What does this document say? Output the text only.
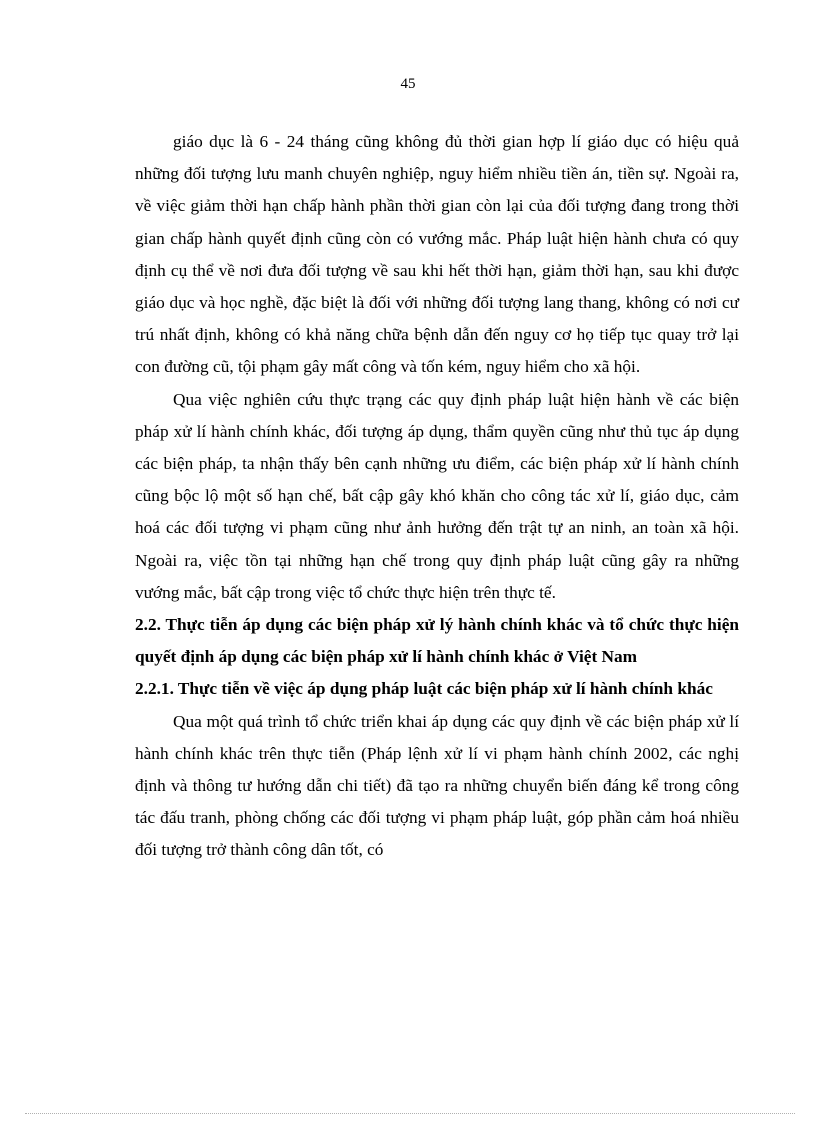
45

giáo dục là 6 - 24 tháng cũng không đủ thời gian hợp lí giáo dục có hiệu quả những đối tượng lưu manh chuyên nghiệp, nguy hiểm nhiều tiền án, tiền sự. Ngoài ra, về việc giảm thời hạn chấp hành phần thời gian còn lại của đối tượng đang trong thời gian chấp hành quyết định cũng còn có vướng mắc. Pháp luật hiện hành chưa có quy định cụ thể về nơi đưa đối tượng về sau khi hết thời hạn, giảm thời hạn, sau khi được giáo dục và học nghề, đặc biệt là đối với những đối tượng lang thang, không có nơi cư trú nhất định, không có khả năng chữa bệnh dẫn đến nguy cơ họ tiếp tục quay trở lại con đường cũ, tội phạm gây mất công và tốn kém, nguy hiểm cho xã hội.

Qua việc nghiên cứu thực trạng các quy định pháp luật hiện hành về các biện pháp xử lí hành chính khác, đối tượng áp dụng, thẩm quyền cũng như thủ tục áp dụng các biện pháp, ta nhận thấy bên cạnh những ưu điểm, các biện pháp xử lí hành chính cũng bộc lộ một số hạn chế, bất cập gây khó khăn cho công tác xử lí, giáo dục, cảm hoá các đối tượng vi phạm cũng như ảnh hưởng đến trật tự an ninh, an toàn xã hội. Ngoài ra, việc tồn tại những hạn chế trong quy định pháp luật cũng gây ra những vướng mắc, bất cập trong việc tổ chức thực hiện trên thực tế.

2.2. Thực tiễn áp dụng các biện pháp xử lý hành chính khác và tổ chức thực hiện quyết định áp dụng các biện pháp xử lí hành chính khác ở Việt Nam

2.2.1. Thực tiễn về việc áp dụng pháp luật các biện pháp xử lí hành chính khác

Qua một quá trình tổ chức triển khai áp dụng các quy định về các biện pháp xử lí hành chính khác trên thực tiễn (Pháp lệnh xử lí vi phạm hành chính 2002, các nghị định và thông tư hướng dẫn chi tiết) đã tạo ra những chuyển biến đáng kể trong công tác đấu tranh, phòng chống các đối tượng vi phạm pháp luật, góp phần cảm hoá nhiều đối tượng trở thành công dân tốt, có
